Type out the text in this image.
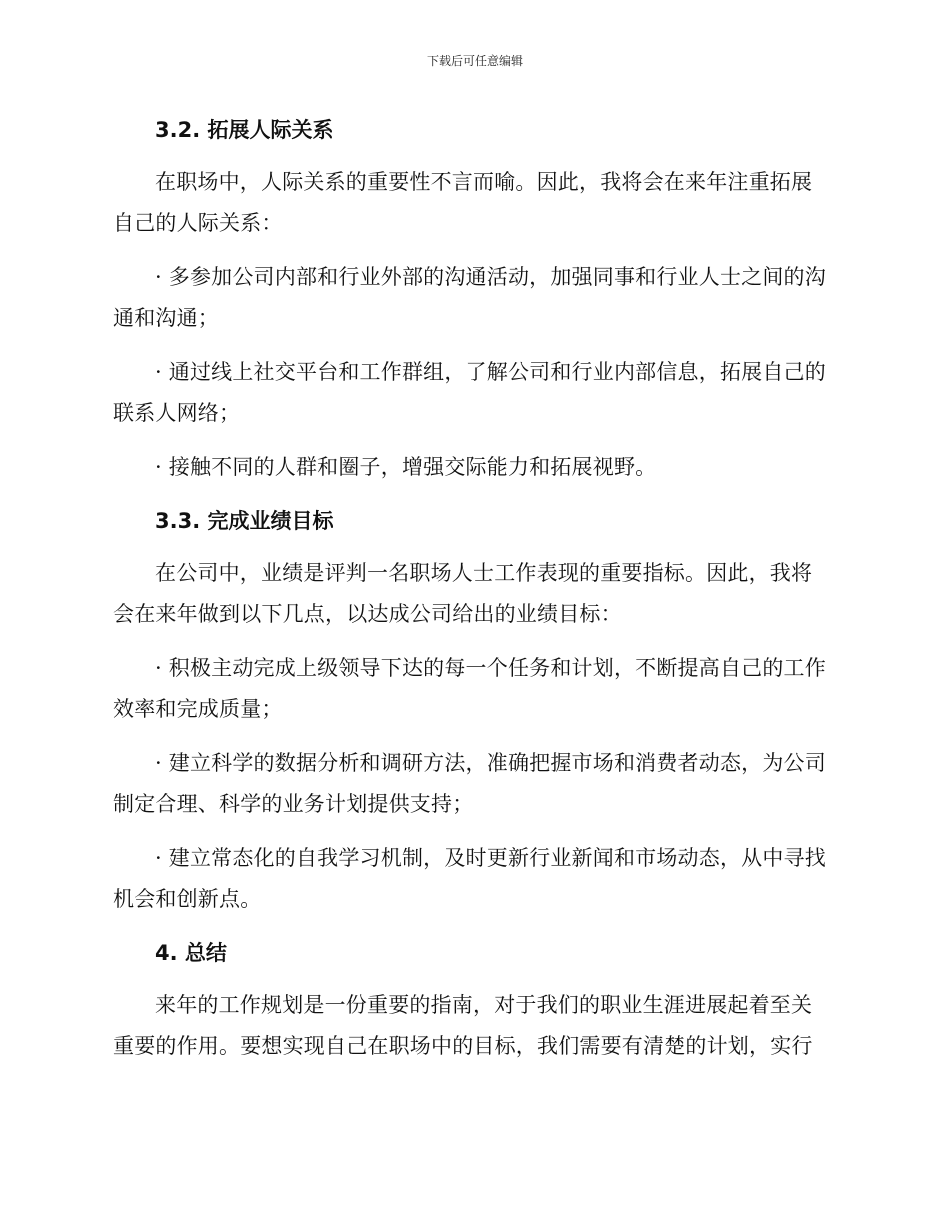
下载后可任意编辑
3.2. 拓展人际关系

在职场中，人际关系的重要性不言而喻。因此，我将会在来年注重拓展自己的人际关系：

· 多参加公司内部和行业外部的沟通活动，加强同事和行业人士之间的沟通和沟通；

· 通过线上社交平台和工作群组，了解公司和行业内部信息，拓展自己的联系人网络；

· 接触不同的人群和圈子，增强交际能力和拓展视野。

3.3. 完成业绩目标

在公司中，业绩是评判一名职场人士工作表现的重要指标。因此，我将会在来年做到以下几点，以达成公司给出的业绩目标：

· 积极主动完成上级领导下达的每一个任务和计划，不断提高自己的工作效率和完成质量；

· 建立科学的数据分析和调研方法，准确把握市场和消费者动态，为公司制定合理、科学的业务计划提供支持；

· 建立常态化的自我学习机制，及时更新行业新闻和市场动态，从中寻找机会和创新点。

4. 总结

来年的工作规划是一份重要的指南，对于我们的职业生涯进展起着至关重要的作用。要想实现自己在职场中的目标，我们需要有清楚的计划，实行
